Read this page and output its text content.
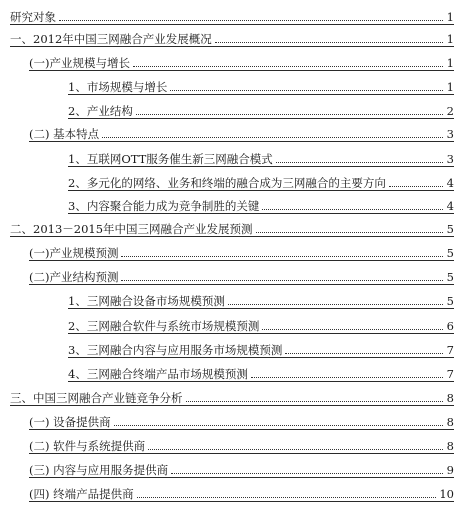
研究对象	1
一、2012年中国三网融合产业发展概况	1
(一)产业规模与增长	1
1、市场规模与增长	1
2、产业结构	2
(二) 基本特点	3
1、互联网OTT服务催生新三网融合模式	3
2、多元化的网络、业务和终端的融合成为三网融合的主要方向	4
3、内容聚合能力成为竞争制胜的关键	4
二、2013－2015年中国三网融合产业发展预测	5
(一)产业规模预测	5
(二)产业结构预测	5
1、三网融合设备市场规模预测	5
2、三网融合软件与系统市场规模预测	6
3、三网融合内容与应用服务市场规模预测	7
4、三网融合终端产品市场规模预测	7
三、中国三网融合产业链竞争分析	8
(一) 设备提供商	8
(二) 软件与系统提供商	8
(三) 内容与应用服务提供商	9
(四) 终端产品提供商	10
